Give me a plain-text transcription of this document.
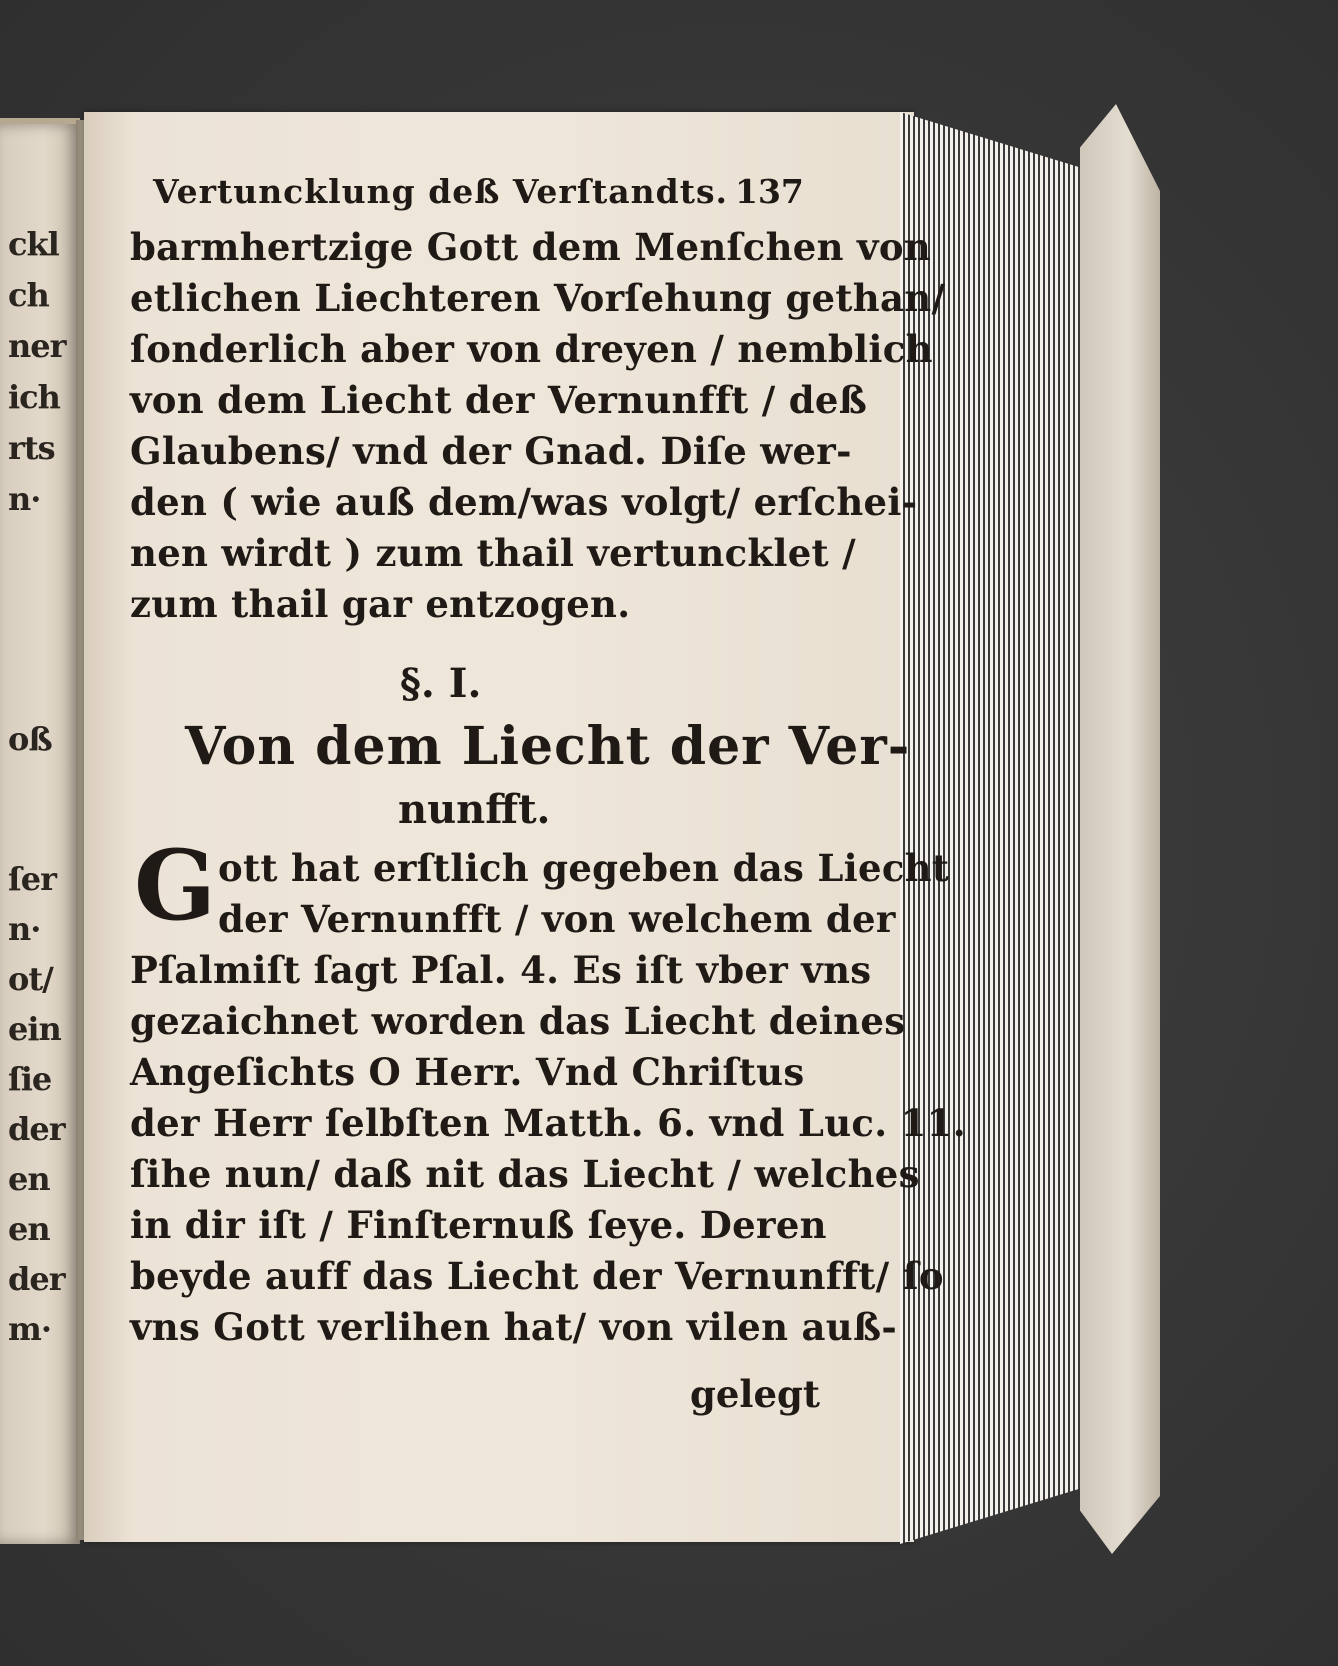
ckl
ch
ner
ich
rts
n·
oß
ſer
n·
ot/
ein
ſie
der
en
en
der
m·
Vertuncklung deß Verſtandts. 137
barmhertzige Gott dem Menſchen von
etlichen Liechteren Vorſehung gethan/
ſonderlich aber von dreyen / nemblich
von dem Liecht der Vernunfft / deß
Glaubens/ vnd der Gnad. Diſe wer-
den ( wie auß dem/was volgt/ erſchei-
nen wirdt ) zum thail vertuncklet /
zum thail gar entzogen.
§. I.
Von dem Liecht der Ver-
nunfft.
G ott hat erſtlich gegeben das Liecht
der Vernunfft / von welchem der
Pſalmiſt ſagt Pſal. 4. Es iſt vber vns
gezaichnet worden das Liecht deines
Angeſichts O Herr. Vnd Chriſtus
der Herr ſelbſten Matth. 6. vnd Luc. 11.
ſihe nun/ daß nit das Liecht / welches
in dir iſt / Finſternuß ſeye. Deren
beyde auff das Liecht der Vernunfft/ ſo
vns Gott verlihen hat/ von vilen auß-
gelegt
